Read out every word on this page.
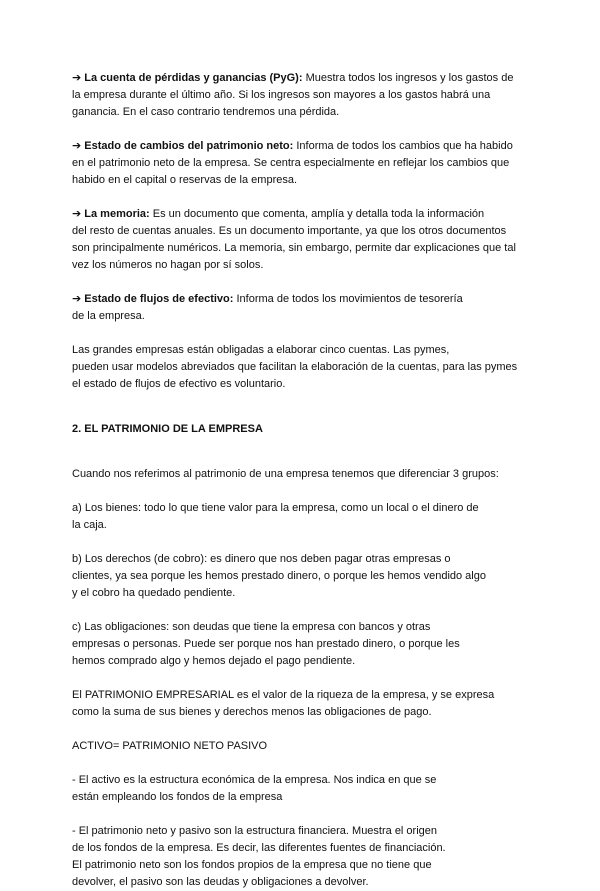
➔ La cuenta de pérdidas y ganancias (PyG): Muestra todos los ingresos y los gastos de
la empresa durante el último año. Si los ingresos son mayores a los gastos habrá una
ganancia. En el caso contrario tendremos una pérdida.

➔ Estado de cambios del patrimonio neto: Informa de todos los cambios que ha habido
en el patrimonio neto de la empresa. Se centra especialmente en reflejar los cambios que
habido en el capital o reservas de la empresa.

➔ La memoria: Es un documento que comenta, amplía y detalla toda la información
del resto de cuentas anuales. Es un documento importante, ya que los otros documentos
son principalmente numéricos. La memoria, sin embargo, permite dar explicaciones que tal
vez los números no hagan por sí solos.

➔ Estado de flujos de efectivo: Informa de todos los movimientos de tesorería
de la empresa.

Las grandes empresas están obligadas a elaborar cinco cuentas. Las pymes,
pueden usar modelos abreviados que facilitan la elaboración de la cuentas, para las pymes
el estado de flujos de efectivo es voluntario.

2. EL PATRIMONIO DE LA EMPRESA

Cuando nos referimos al patrimonio de una empresa tenemos que diferenciar 3 grupos:

a) Los bienes: todo lo que tiene valor para la empresa, como un local o el dinero de
la caja.

b) Los derechos (de cobro): es dinero que nos deben pagar otras empresas o
clientes, ya sea porque les hemos prestado dinero, o porque les hemos vendido algo
y el cobro ha quedado pendiente.

c) Las obligaciones: son deudas que tiene la empresa con bancos y otras
empresas o personas. Puede ser porque nos han prestado dinero, o porque les
hemos comprado algo y hemos dejado el pago pendiente.

El PATRIMONIO EMPRESARIAL es el valor de la riqueza de la empresa, y se expresa
como la suma de sus bienes y derechos menos las obligaciones de pago.

ACTIVO= PATRIMONIO NETO PASIVO

- El activo es la estructura económica de la empresa. Nos indica en que se
están empleando los fondos de la empresa

- El patrimonio neto y pasivo son la estructura financiera. Muestra el origen
de los fondos de la empresa. Es decir, las diferentes fuentes de financiación.
El patrimonio neto son los fondos propios de la empresa que no tiene que
devolver, el pasivo son las deudas y obligaciones a devolver.
